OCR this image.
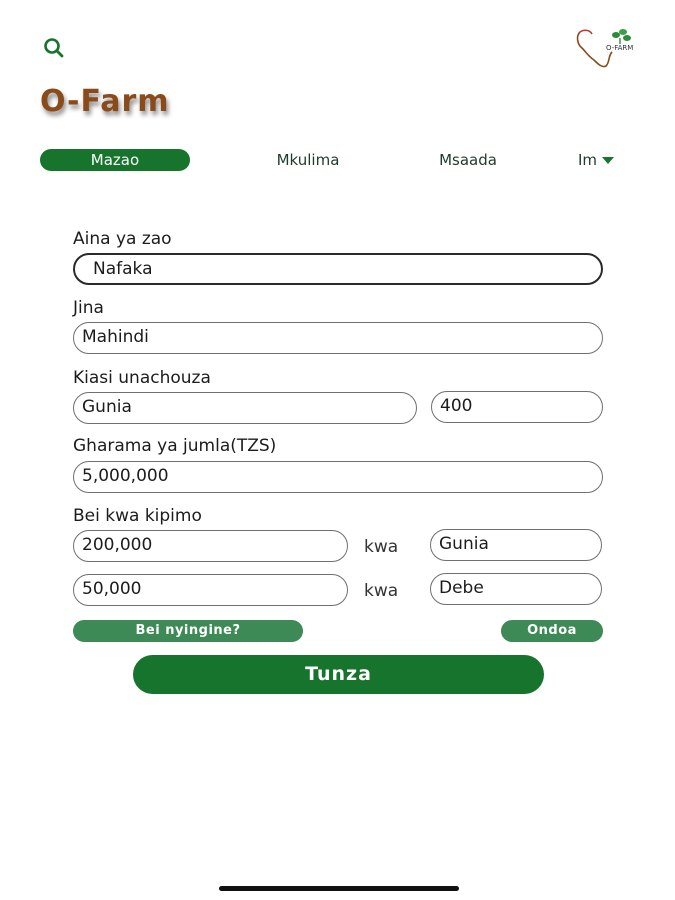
O-FARM
O-Farm
Mazao	Mkulima	Msaada	Im
Aina ya zao
Nafaka
Jina
Mahindi
Kiasi unachouza
Gunia	400
Gharama ya jumla(TZS)
5,000,000
Bei kwa kipimo
200,000	kwa	Gunia
50,000	kwa	Debe
Bei nyingine?	Ondoa
Tunza
